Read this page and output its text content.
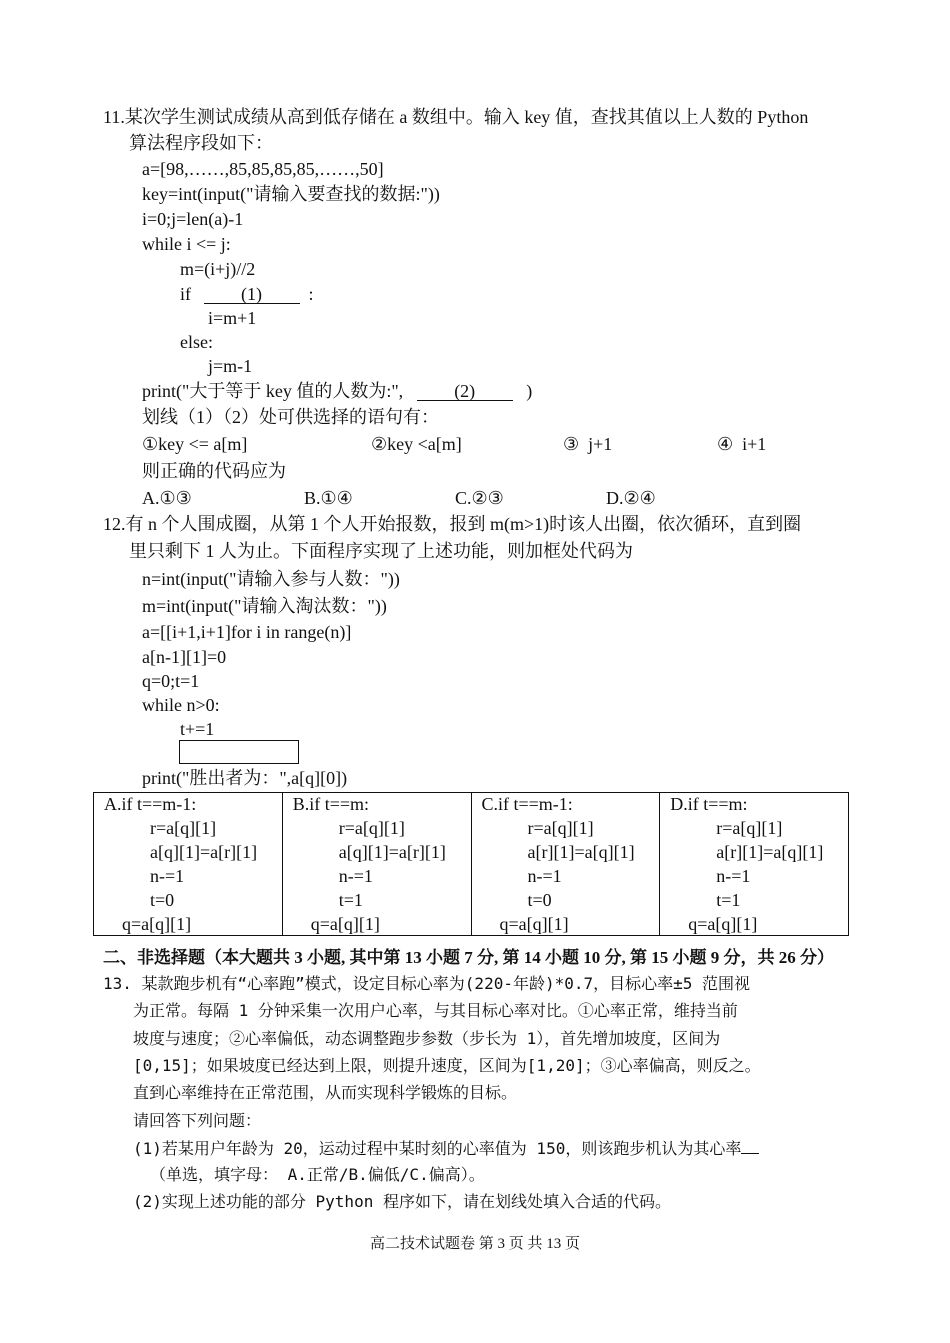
11.某次学生测试成绩从高到低存储在 a 数组中。输入 key 值，查找其值以上人数的 Python
算法程序段如下：
a=[98,……,85,85,85,85,……,50]
key=int(input("请输入要查找的数据:"))
i=0;j=len(a)-1
while i <= j:
m=(i+j)//2
if	(1)  :
i=m+1
else:
j=m-1
print("大于等于 key 值的人数为:",   (2)   )
划线（1）（2）处可供选择的语句有：
①key <= a[m]	②key <a[m]	③  j+1	④  i+1
则正确的代码应为
A.①③	B.①④	C.②③	D.②④
12.有 n 个人围成圈，从第 1 个人开始报数，报到 m(m>1)时该人出圈，依次循环，直到圈
里只剩下 1 人为止。下面程序实现了上述功能，则加框处代码为
n=int(input("请输入参与人数："))
m=int(input("请输入淘汰数："))
a=[[i+1,i+1]for i in range(n)]
a[n-1][1]=0
q=0;t=1
while n>0:
t+=1
print("胜出者为：",a[q][0])
A.if t==m-1:
r=a[q][1]
a[q][1]=a[r][1]
n-=1
t=0
q=a[q][1]

B.if t==m:
r=a[q][1]
a[q][1]=a[r][1]
n-=1
t=1
q=a[q][1]

C.if t==m-1:
r=a[q][1]
a[r][1]=a[q][1]
n-=1
t=0
q=a[q][1]

D.if t==m:
r=a[q][1]
a[r][1]=a[q][1]
n-=1
t=1
q=a[q][1]
二、非选择题（本大题共 3 小题, 其中第 13 小题 7 分, 第 14 小题 10 分, 第 15 小题 9 分，共 26 分）
13. 某款跑步机有“心率跑”模式，设定目标心率为(220-年龄)*0.7，目标心率±5 范围视
为正常。每隔 1 分钟采集一次用户心率，与其目标心率对比。①心率正常，维持当前
坡度与速度；②心率偏低，动态调整跑步参数（步长为 1），首先增加坡度，区间为
[0,15]；如果坡度已经达到上限，则提升速度，区间为[1,20]；③心率偏高，则反之。
直到心率维持在正常范围，从而实现科学锻炼的目标。
请回答下列问题：
(1)若某用户年龄为 20，运动过程中某时刻的心率值为 150，则该跑步机认为其心率
（单选，填字母： A.正常/B.偏低/C.偏高）。
(2)实现上述功能的部分 Python 程序如下，请在划线处填入合适的代码。
高二技术试题卷 第 3 页 共 13 页
